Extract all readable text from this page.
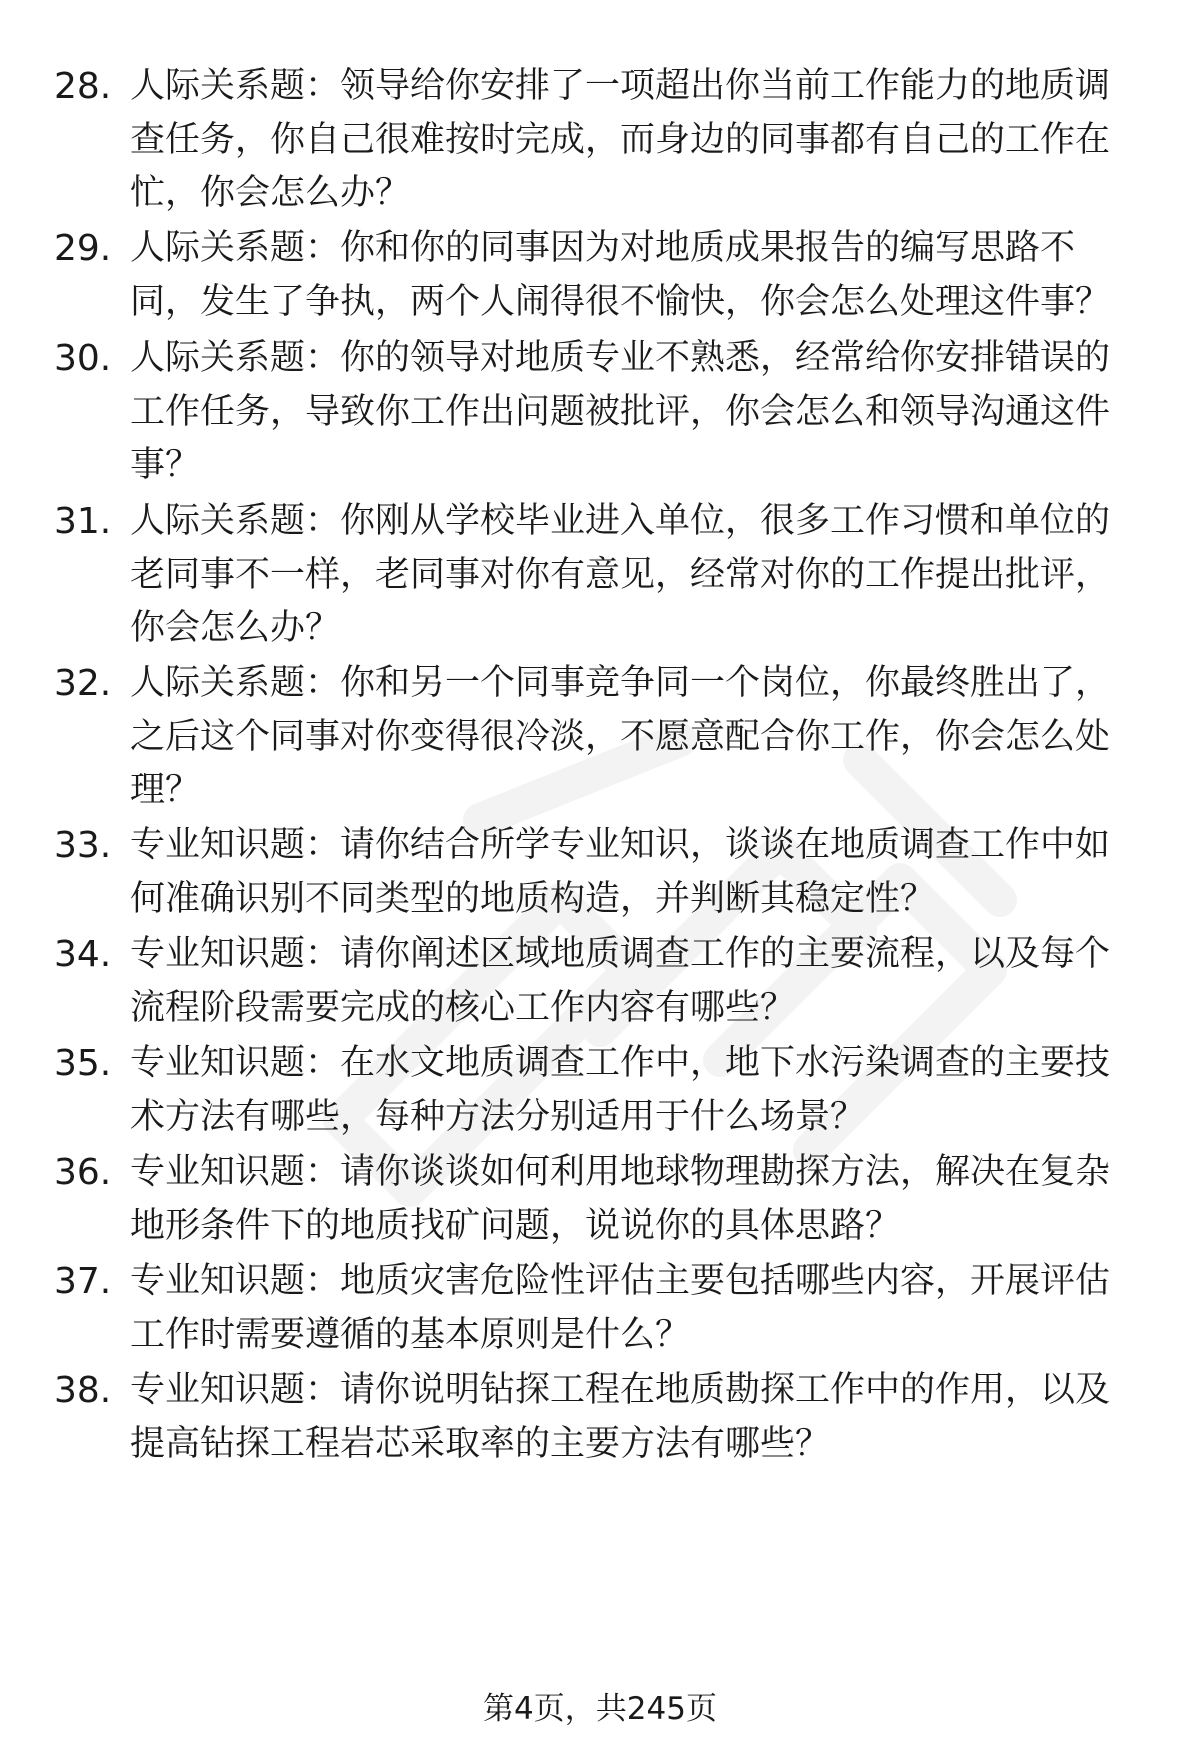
28. 人际关系题：领导给你安排了一项超出你当前工作能力的地质调查任务，你自己很难按时完成，而身边的同事都有自己的工作在忙，你会怎么办？
29. 人际关系题：你和你的同事因为对地质成果报告的编写思路不同，发生了争执，两个人闹得很不愉快，你会怎么处理这件事？
30. 人际关系题：你的领导对地质专业不熟悉，经常给你安排错误的工作任务，导致你工作出问题被批评，你会怎么和领导沟通这件事？
31. 人际关系题：你刚从学校毕业进入单位，很多工作习惯和单位的老同事不一样，老同事对你有意见，经常对你的工作提出批评，你会怎么办？
32. 人际关系题：你和另一个同事竞争同一个岗位，你最终胜出了，之后这个同事对你变得很冷淡，不愿意配合你工作，你会怎么处理？
33. 专业知识题：请你结合所学专业知识，谈谈在地质调查工作中如何准确识别不同类型的地质构造，并判断其稳定性？
34. 专业知识题：请你阐述区域地质调查工作的主要流程，以及每个流程阶段需要完成的核心工作内容有哪些？
35. 专业知识题：在水文地质调查工作中，地下水污染调查的主要技术方法有哪些，每种方法分别适用于什么场景？
36. 专业知识题：请你谈谈如何利用地球物理勘探方法，解决在复杂地形条件下的地质找矿问题，说说你的具体思路？
37. 专业知识题：地质灾害危险性评估主要包括哪些内容，开展评估工作时需要遵循的基本原则是什么？
38. 专业知识题：请你说明钻探工程在地质勘探工作中的作用，以及提高钻探工程岩芯采取率的主要方法有哪些？
第4页，共245页
